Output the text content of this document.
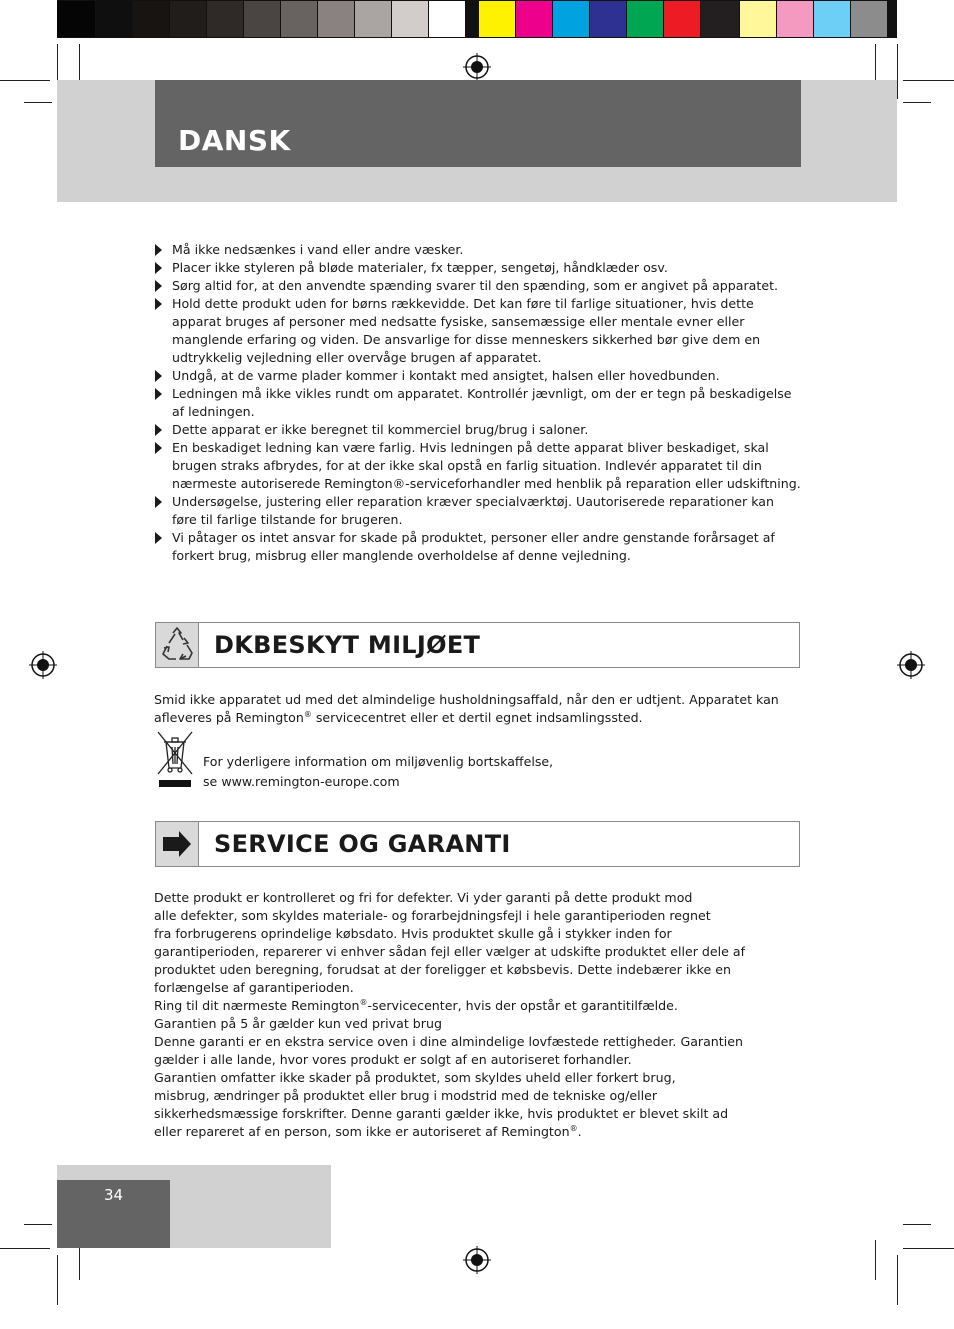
DANSK
Må ikke nedsænkes i vand eller andre væsker.
Placer ikke styleren på bløde materialer, fx tæpper, sengetøj, håndklæder osv.
Sørg altid for, at den anvendte spænding svarer til den spænding, som er angivet på apparatet.
Hold dette produkt uden for børns rækkevidde. Det kan føre til farlige situationer, hvis dette apparat bruges af personer med nedsatte fysiske, sansemæssige eller mentale evner eller manglende erfaring og viden. De ansvarlige for disse menneskers sikkerhed bør give dem en udtrykkelig vejledning eller overvåge brugen af apparatet.
Undgå, at de varme plader kommer i kontakt med ansigtet, halsen eller hovedbunden.
Ledningen må ikke vikles rundt om apparatet. Kontrollér jævnligt, om der er tegn på beskadigelse af ledningen.
Dette apparat er ikke beregnet til kommerciel brug/brug i saloner.
En beskadiget ledning kan være farlig. Hvis ledningen på dette apparat bliver beskadiget, skal brugen straks afbrydes, for at der ikke skal opstå en farlig situation. Indlevér apparatet til din nærmeste autoriserede Remington®-serviceforhandler med henblik på reparation eller udskiftning.
Undersøgelse, justering eller reparation kræver specialværktøj. Uautoriserede reparationer kan føre til farlige tilstande for brugeren.
Vi påtager os intet ansvar for skade på produktet, personer eller andre genstande forårsaget af forkert brug, misbrug eller manglende overholdelse af denne vejledning.
DKBESKYT MILJØET
Smid ikke apparatet ud med det almindelige husholdningsaffald, når den er udtjent. Apparatet kan afleveres på Remington® servicecentret eller et dertil egnet indsamlingssted.
For yderligere information om miljøvenlig bortskaffelse,
se www.remington-europe.com
SERVICE OG GARANTI
Dette produkt er kontrolleret og fri for defekter. Vi yder garanti på dette produkt mod
alle defekter, som skyldes materiale- og forarbejdningsfejl i hele garantiperioden regnet
fra forbrugerens oprindelige købsdato. Hvis produktet skulle gå i stykker inden for
garantiperioden, reparerer vi enhver sådan fejl eller vælger at udskifte produktet eller dele af
produktet uden beregning, forudsat at der foreligger et købsbevis. Dette indebærer ikke en
forlængelse af garantiperioden.
Ring til dit nærmeste Remington®-servicecenter, hvis der opstår et garantitilfælde.
Garantien på 5 år gælder kun ved privat brug
Denne garanti er en ekstra service oven i dine almindelige lovfæstede rettigheder. Garantien
gælder i alle lande, hvor vores produkt er solgt af en autoriseret forhandler.
Garantien omfatter ikke skader på produktet, som skyldes uheld eller forkert brug,
misbrug, ændringer på produktet eller brug i modstrid med de tekniske og/eller
sikkerhedsmæssige forskrifter. Denne garanti gælder ikke, hvis produktet er blevet skilt ad
eller repareret af en person, som ikke er autoriseret af Remington®.
34
